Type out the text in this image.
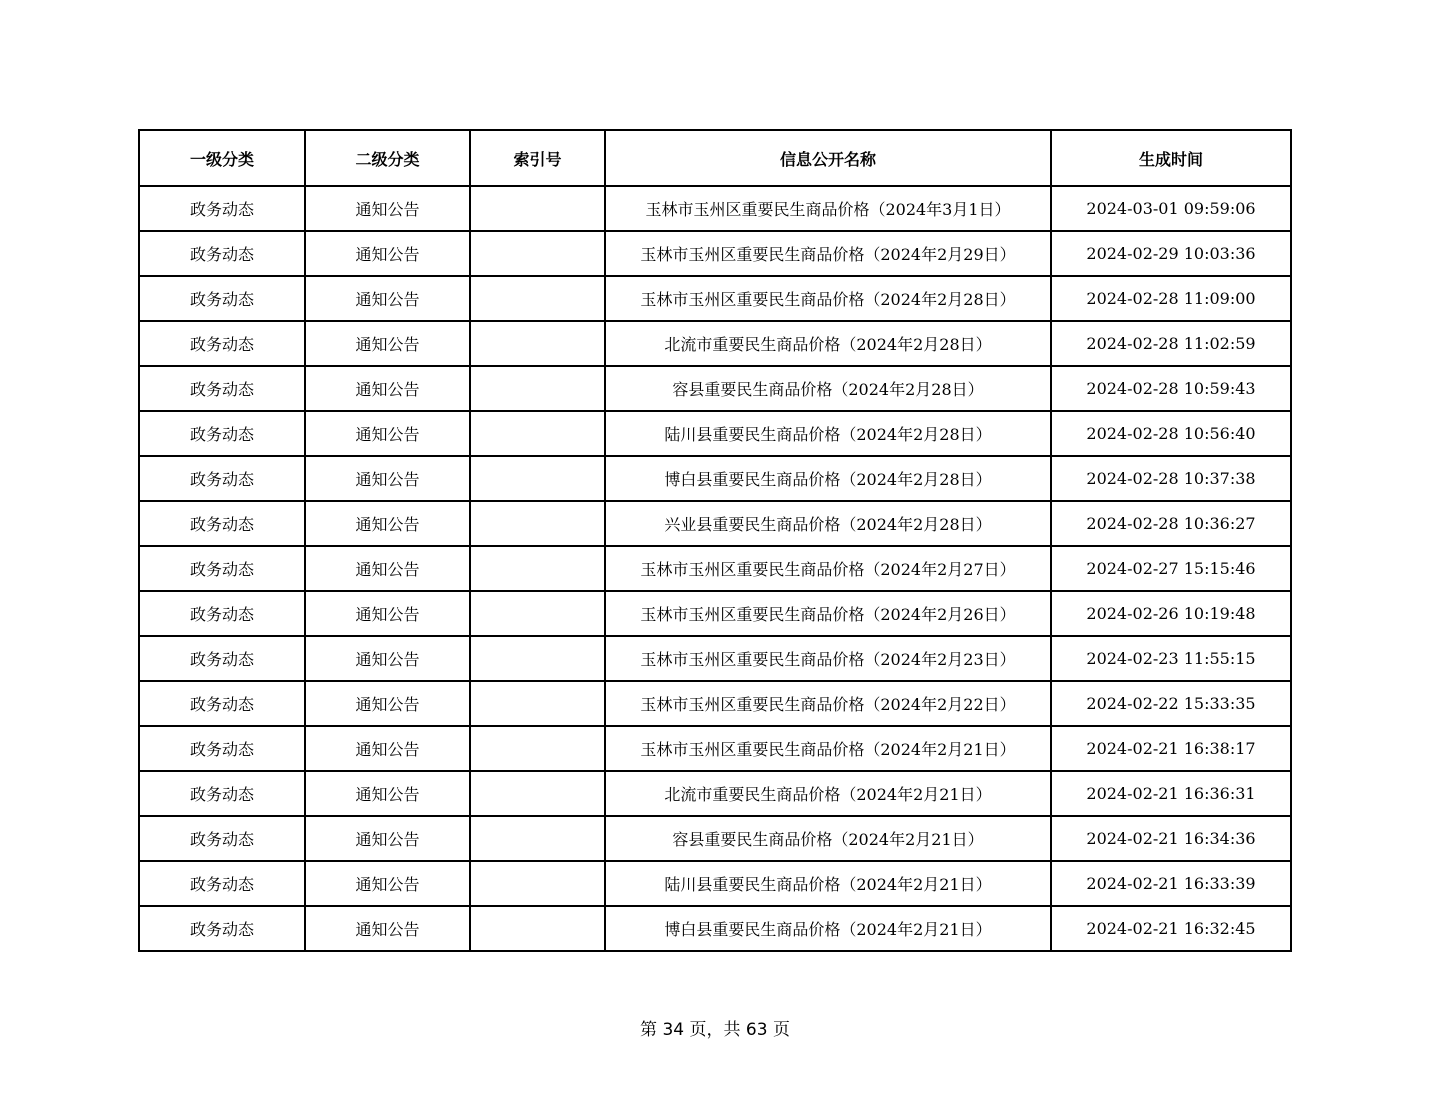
一级分类	二级分类	索引号	信息公开名称	生成时间
政务动态	通知公告		玉林市玉州区重要民生商品价格（2024年3月1日）	2024-03-01 09:59:06
政务动态	通知公告		玉林市玉州区重要民生商品价格（2024年2月29日）	2024-02-29 10:03:36
政务动态	通知公告		玉林市玉州区重要民生商品价格（2024年2月28日）	2024-02-28 11:09:00
政务动态	通知公告		北流市重要民生商品价格（2024年2月28日）	2024-02-28 11:02:59
政务动态	通知公告		容县重要民生商品价格（2024年2月28日）	2024-02-28 10:59:43
政务动态	通知公告		陆川县重要民生商品价格（2024年2月28日）	2024-02-28 10:56:40
政务动态	通知公告		博白县重要民生商品价格（2024年2月28日）	2024-02-28 10:37:38
政务动态	通知公告		兴业县重要民生商品价格（2024年2月28日）	2024-02-28 10:36:27
政务动态	通知公告		玉林市玉州区重要民生商品价格（2024年2月27日）	2024-02-27 15:15:46
政务动态	通知公告		玉林市玉州区重要民生商品价格（2024年2月26日）	2024-02-26 10:19:48
政务动态	通知公告		玉林市玉州区重要民生商品价格（2024年2月23日）	2024-02-23 11:55:15
政务动态	通知公告		玉林市玉州区重要民生商品价格（2024年2月22日）	2024-02-22 15:33:35
政务动态	通知公告		玉林市玉州区重要民生商品价格（2024年2月21日）	2024-02-21 16:38:17
政务动态	通知公告		北流市重要民生商品价格（2024年2月21日）	2024-02-21 16:36:31
政务动态	通知公告		容县重要民生商品价格（2024年2月21日）	2024-02-21 16:34:36
政务动态	通知公告		陆川县重要民生商品价格（2024年2月21日）	2024-02-21 16:33:39
政务动态	通知公告		博白县重要民生商品价格（2024年2月21日）	2024-02-21 16:32:45
第 34 页，共 63 页
